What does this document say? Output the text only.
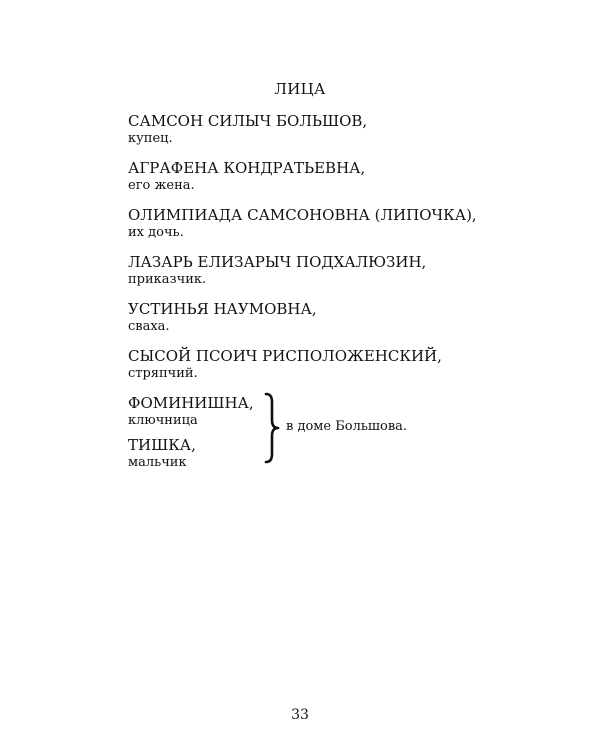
ЛИЦА
САМСОН СИЛЫЧ БОЛЬШОВ,
купец.
АГРАФЕНА КОНДРАТЬЕВНА,
его жена.
ОЛИМПИАДА САМСОНОВНА (ЛИПОЧКА),
их дочь.
ЛАЗАРЬ ЕЛИЗАРЫЧ ПОДХАЛЮЗИН,
приказчик.
УСТИНЬЯ НАУМОВНА,
сваха.
СЫСОЙ ПСОИЧ РИСПОЛОЖЕНСКИЙ,
стряпчий.
ФОМИНИШНА,
ключница
ТИШКА,
мальчик
в доме Большова.
33
